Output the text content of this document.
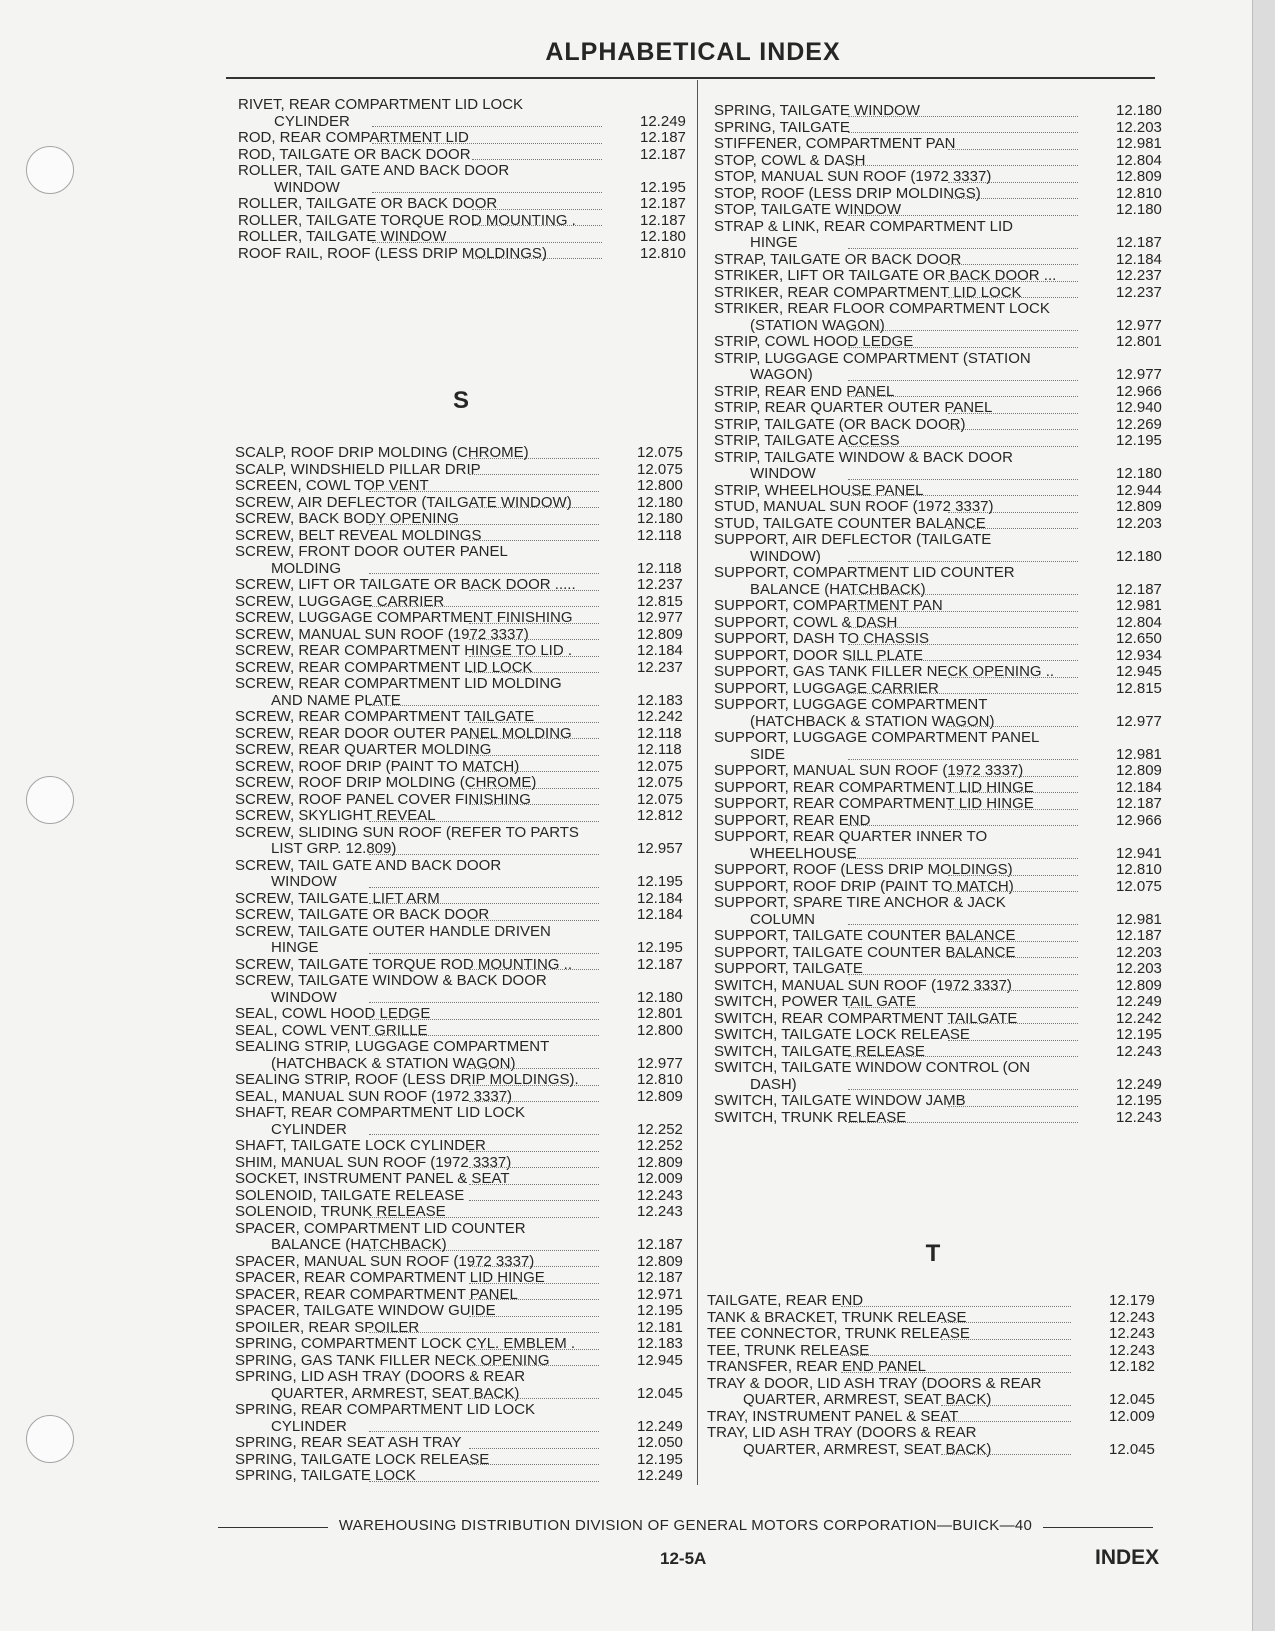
ALPHABETICAL INDEX
RIVET, REAR COMPARTMENT LID LOCK
CYLINDER	12.249
ROD, REAR COMPARTMENT LID	12.187
ROD, TAILGATE OR BACK DOOR	12.187
ROLLER, TAIL GATE AND BACK DOOR
WINDOW	12.195
ROLLER, TAILGATE OR BACK DOOR	12.187
ROLLER, TAILGATE TORQUE ROD MOUNTING .	12.187
ROLLER, TAILGATE WINDOW	12.180
ROOF RAIL, ROOF (LESS DRIP MOLDINGS)	12.810
S
SCALP, ROOF DRIP MOLDING (CHROME)	12.075
SCALP, WINDSHIELD PILLAR DRIP	12.075
SCREEN, COWL TOP VENT	12.800
SCREW, AIR DEFLECTOR (TAILGATE WINDOW)	12.180
SCREW, BACK BODY OPENING	12.180
SCREW, BELT REVEAL MOLDINGS	12.118
SCREW, FRONT DOOR OUTER PANEL
MOLDING	12.118
SCREW, LIFT OR TAILGATE OR BACK DOOR .....	12.237
SCREW, LUGGAGE CARRIER	12.815
SCREW, LUGGAGE COMPARTMENT FINISHING	12.977
SCREW, MANUAL SUN ROOF (1972 3337)	12.809
SCREW, REAR COMPARTMENT HINGE TO LID .	12.184
SCREW, REAR COMPARTMENT LID LOCK	12.237
SCREW, REAR COMPARTMENT LID MOLDING
AND NAME PLATE	12.183
SCREW, REAR COMPARTMENT TAILGATE	12.242
SCREW, REAR DOOR OUTER PANEL MOLDING	12.118
SCREW, REAR QUARTER MOLDING	12.118
SCREW, ROOF DRIP (PAINT TO MATCH)	12.075
SCREW, ROOF DRIP MOLDING (CHROME)	12.075
SCREW, ROOF PANEL COVER FINISHING	12.075
SCREW, SKYLIGHT REVEAL	12.812
SCREW, SLIDING SUN ROOF (REFER TO PARTS
LIST GRP. 12.809)	12.957
SCREW, TAIL GATE AND BACK DOOR
WINDOW	12.195
SCREW, TAILGATE LIFT ARM	12.184
SCREW, TAILGATE OR BACK DOOR	12.184
SCREW, TAILGATE OUTER HANDLE DRIVEN
HINGE	12.195
SCREW, TAILGATE TORQUE ROD MOUNTING ..	12.187
SCREW, TAILGATE WINDOW & BACK DOOR
WINDOW	12.180
SEAL, COWL HOOD LEDGE	12.801
SEAL, COWL VENT GRILLE	12.800
SEALING STRIP, LUGGAGE COMPARTMENT
(HATCHBACK & STATION WAGON)	12.977
SEALING STRIP, ROOF (LESS DRIP MOLDINGS).	12.810
SEAL, MANUAL SUN ROOF (1972 3337)	12.809
SHAFT, REAR COMPARTMENT LID LOCK
CYLINDER	12.252
SHAFT, TAILGATE LOCK CYLINDER	12.252
SHIM, MANUAL SUN ROOF (1972 3337)	12.809
SOCKET, INSTRUMENT PANEL & SEAT	12.009
SOLENOID, TAILGATE RELEASE	12.243
SOLENOID, TRUNK RELEASE	12.243
SPACER, COMPARTMENT LID COUNTER
BALANCE (HATCHBACK)	12.187
SPACER, MANUAL SUN ROOF (1972 3337)	12.809
SPACER, REAR COMPARTMENT LID HINGE	12.187
SPACER, REAR COMPARTMENT PANEL	12.971
SPACER, TAILGATE WINDOW GUIDE	12.195
SPOILER, REAR SPOILER	12.181
SPRING, COMPARTMENT LOCK CYL. EMBLEM .	12.183
SPRING, GAS TANK FILLER NECK OPENING	12.945
SPRING, LID ASH TRAY (DOORS & REAR
QUARTER, ARMREST, SEAT BACK)	12.045
SPRING, REAR COMPARTMENT LID LOCK
CYLINDER	12.249
SPRING, REAR SEAT ASH TRAY	12.050
SPRING, TAILGATE LOCK RELEASE	12.195
SPRING, TAILGATE LOCK	12.249
SPRING, TAILGATE WINDOW	12.180
SPRING, TAILGATE	12.203
STIFFENER, COMPARTMENT PAN	12.981
STOP, COWL & DASH	12.804
STOP, MANUAL SUN ROOF (1972 3337)	12.809
STOP, ROOF (LESS DRIP MOLDINGS)	12.810
STOP, TAILGATE WINDOW	12.180
STRAP & LINK, REAR COMPARTMENT LID
HINGE	12.187
STRAP, TAILGATE OR BACK DOOR	12.184
STRIKER, LIFT OR TAILGATE OR BACK DOOR ...	12.237
STRIKER, REAR COMPARTMENT LID LOCK	12.237
STRIKER, REAR FLOOR COMPARTMENT LOCK
(STATION WAGON)	12.977
STRIP, COWL HOOD LEDGE	12.801
STRIP, LUGGAGE COMPARTMENT (STATION
WAGON)	12.977
STRIP, REAR END PANEL	12.966
STRIP, REAR QUARTER OUTER PANEL	12.940
STRIP, TAILGATE (OR BACK DOOR)	12.269
STRIP, TAILGATE ACCESS	12.195
STRIP, TAILGATE WINDOW & BACK DOOR
WINDOW	12.180
STRIP, WHEELHOUSE PANEL	12.944
STUD, MANUAL SUN ROOF (1972 3337)	12.809
STUD, TAILGATE COUNTER BALANCE	12.203
SUPPORT, AIR DEFLECTOR (TAILGATE
WINDOW)	12.180
SUPPORT, COMPARTMENT LID COUNTER
BALANCE (HATCHBACK)	12.187
SUPPORT, COMPARTMENT PAN	12.981
SUPPORT, COWL & DASH	12.804
SUPPORT, DASH TO CHASSIS	12.650
SUPPORT, DOOR SILL PLATE	12.934
SUPPORT, GAS TANK FILLER NECK OPENING ..	12.945
SUPPORT, LUGGAGE CARRIER	12.815
SUPPORT, LUGGAGE COMPARTMENT
(HATCHBACK & STATION WAGON)	12.977
SUPPORT, LUGGAGE COMPARTMENT PANEL
SIDE	12.981
SUPPORT, MANUAL SUN ROOF (1972 3337)	12.809
SUPPORT, REAR COMPARTMENT LID HINGE	12.184
SUPPORT, REAR COMPARTMENT LID HINGE	12.187
SUPPORT, REAR END	12.966
SUPPORT, REAR QUARTER INNER TO
WHEELHOUSE	12.941
SUPPORT, ROOF (LESS DRIP MOLDINGS)	12.810
SUPPORT, ROOF DRIP (PAINT TO MATCH)	12.075
SUPPORT, SPARE TIRE ANCHOR & JACK
COLUMN	12.981
SUPPORT, TAILGATE COUNTER BALANCE	12.187
SUPPORT, TAILGATE COUNTER BALANCE	12.203
SUPPORT, TAILGATE	12.203
SWITCH, MANUAL SUN ROOF (1972 3337)	12.809
SWITCH, POWER TAIL GATE	12.249
SWITCH, REAR COMPARTMENT TAILGATE	12.242
SWITCH, TAILGATE LOCK RELEASE	12.195
SWITCH, TAILGATE RELEASE	12.243
SWITCH, TAILGATE WINDOW CONTROL (ON
DASH)	12.249
SWITCH, TAILGATE WINDOW JAMB	12.195
SWITCH, TRUNK RELEASE	12.243
T
TAILGATE, REAR END	12.179
TANK & BRACKET, TRUNK RELEASE	12.243
TEE CONNECTOR, TRUNK RELEASE	12.243
TEE, TRUNK RELEASE	12.243
TRANSFER, REAR END PANEL	12.182
TRAY & DOOR, LID ASH TRAY (DOORS & REAR
QUARTER, ARMREST, SEAT BACK)	12.045
TRAY, INSTRUMENT PANEL & SEAT	12.009
TRAY, LID ASH TRAY (DOORS & REAR
QUARTER, ARMREST, SEAT BACK)	12.045
WAREHOUSING DISTRIBUTION DIVISION OF GENERAL MOTORS CORPORATION—BUICK—40
12-5A	INDEX
